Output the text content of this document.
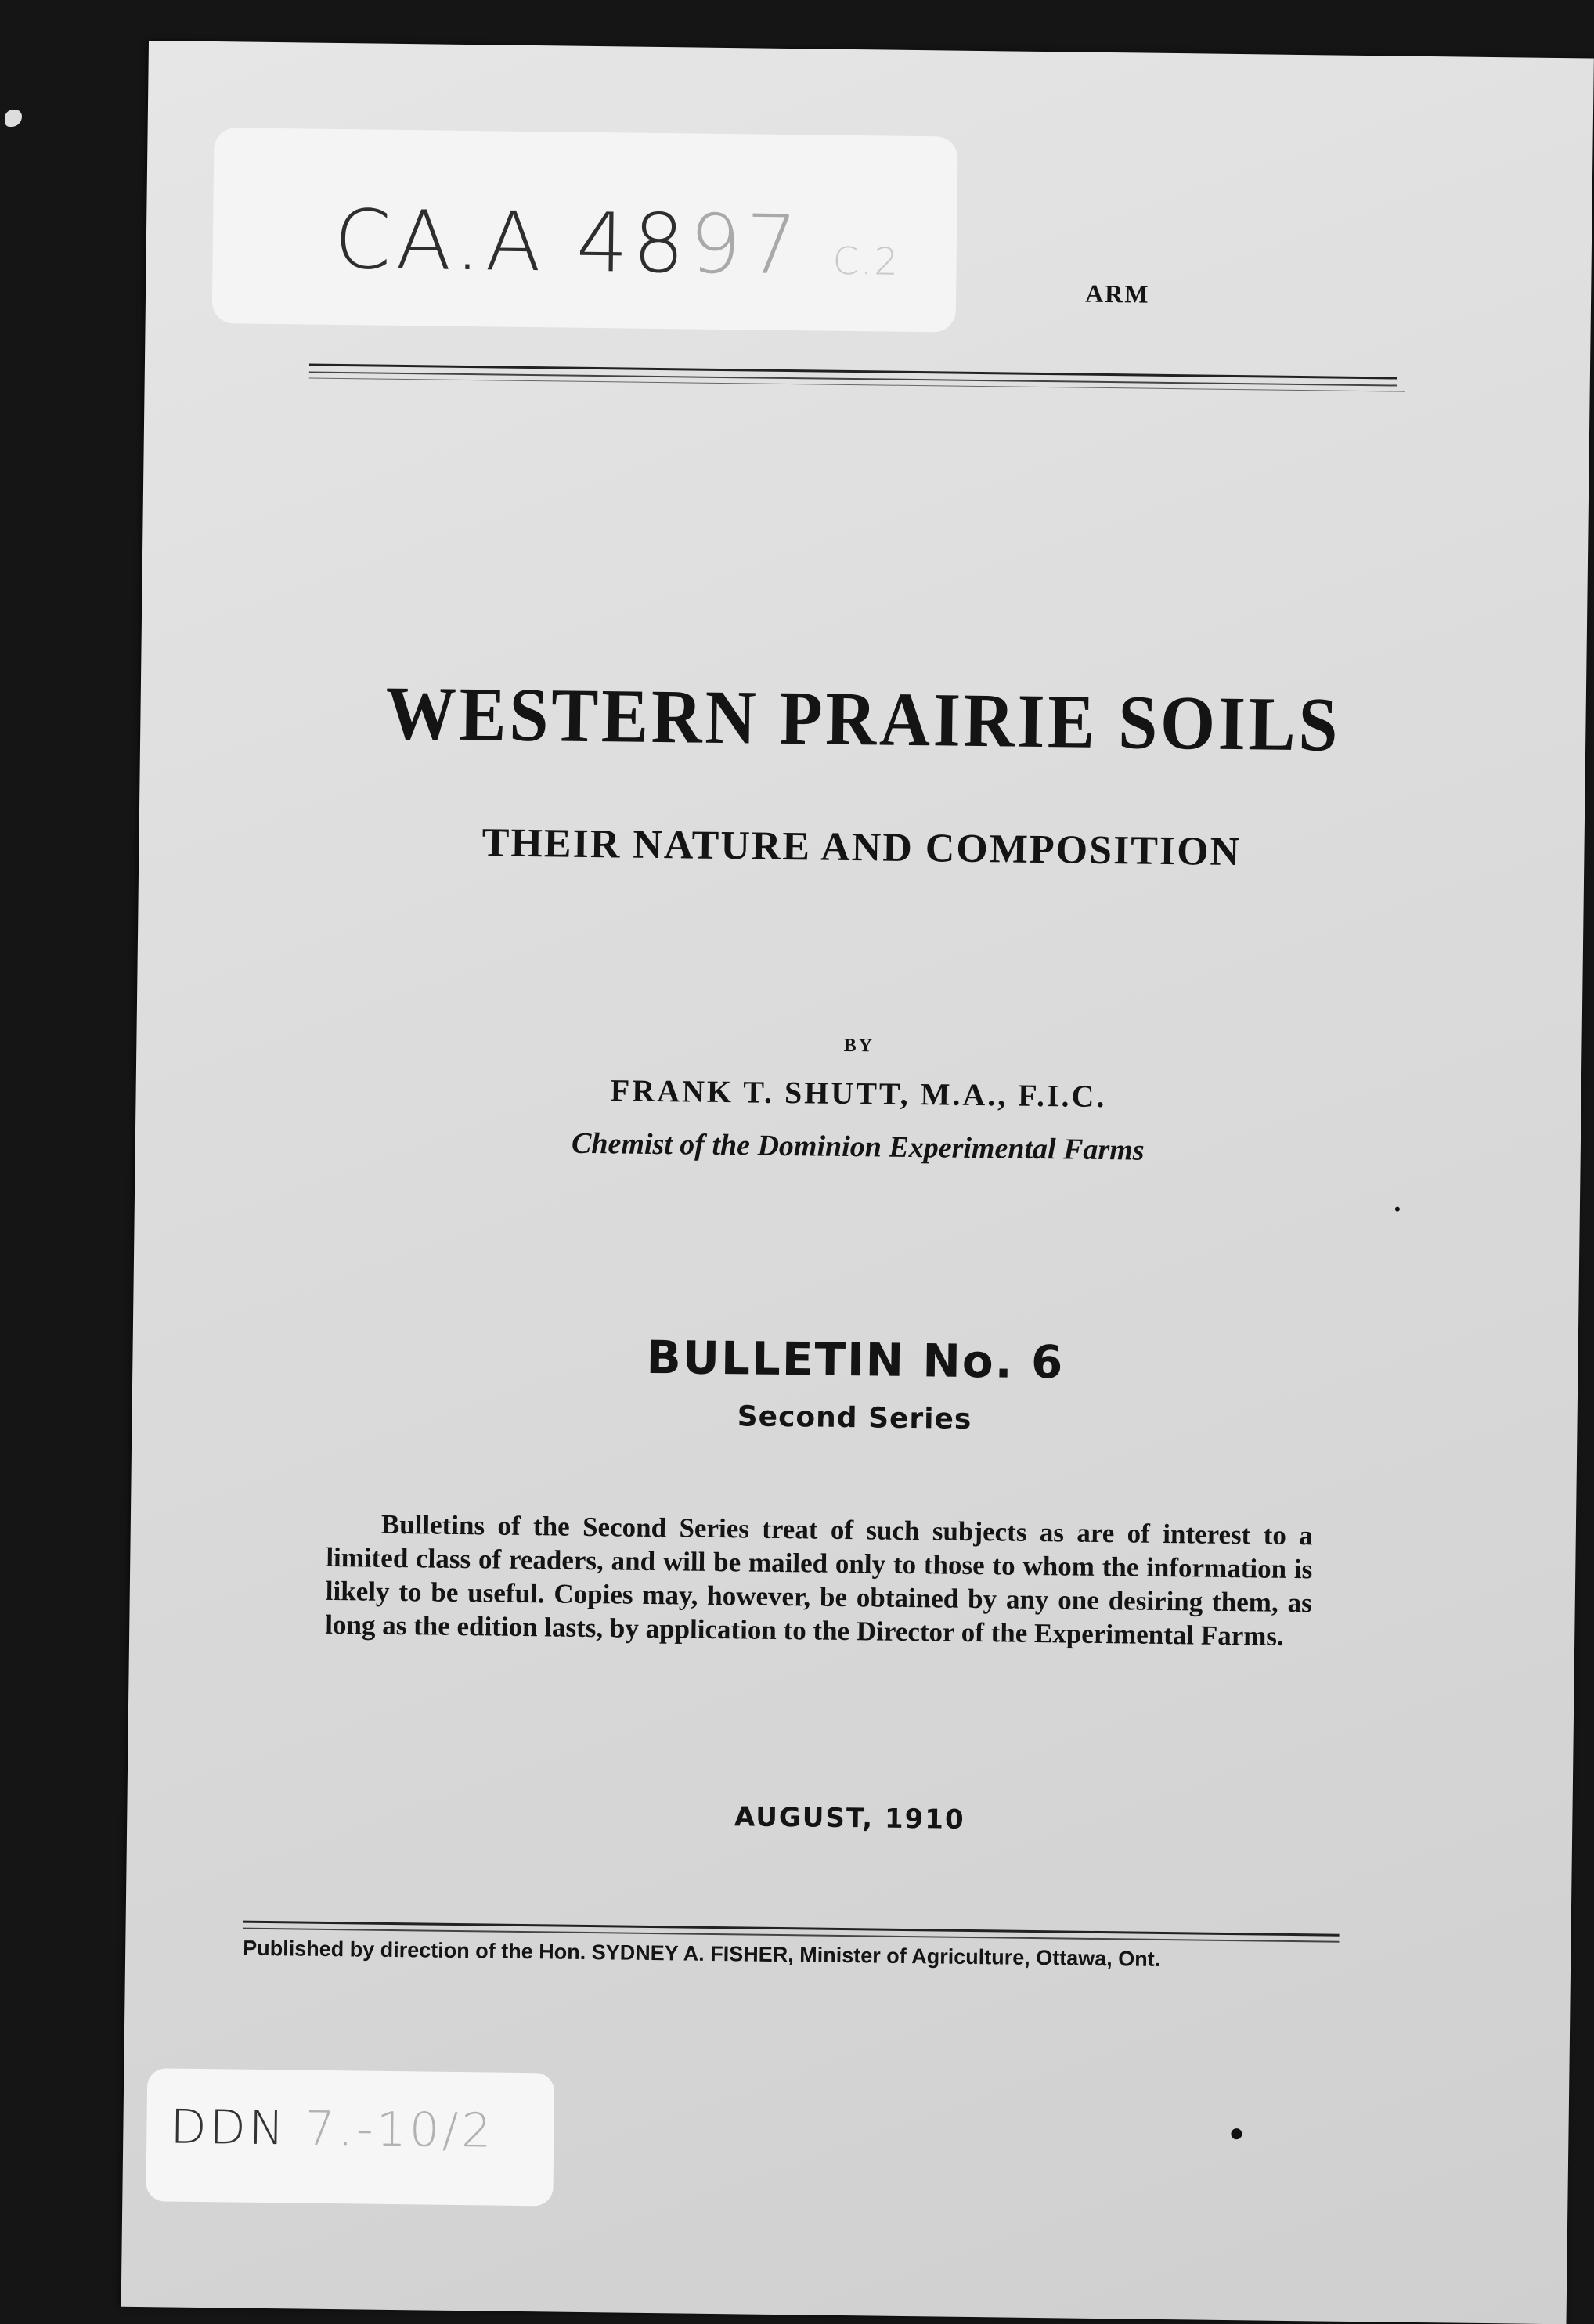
CA.A 4897 C.2
ARM
WESTERN PRAIRIE SOILS
THEIR NATURE AND COMPOSITION
BY
FRANK T. SHUTT, M.A., F.I.C.
Chemist of the Dominion Experimental Farms
BULLETIN No. 6
Second Series
Bulletins of the Second Series treat of such subjects as are of interest to a limited class of readers, and will be mailed only to those to whom the information is likely to be useful. Copies may, however, be obtained by any one desiring them, as long as the edition lasts, by application to the Director of the Experimental Farms.
AUGUST, 1910
Published by direction of the Hon. SYDNEY A. FISHER, Minister of Agriculture, Ottawa, Ont.
DDN 7.-10/2
